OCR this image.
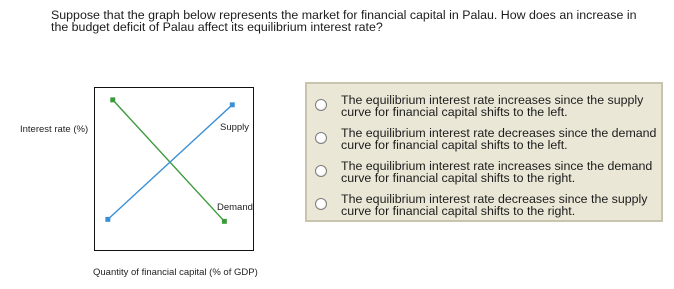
Suppose that the graph below represents the market for financial capital in Palau. How does an increase in the budget deficit of Palau affect its equilibrium interest rate?
Interest rate (%)	Supply
Demand
Quantity of financial capital (% of GDP)
The equilibrium interest rate increases since the supply curve for financial capital shifts to the left.
The equilibrium interest rate decreases since the demand curve for financial capital shifts to the left.
The equilibrium interest rate increases since the demand curve for financial capital shifts to the right.
The equilibrium interest rate decreases since the supply curve for financial capital shifts to the right.
